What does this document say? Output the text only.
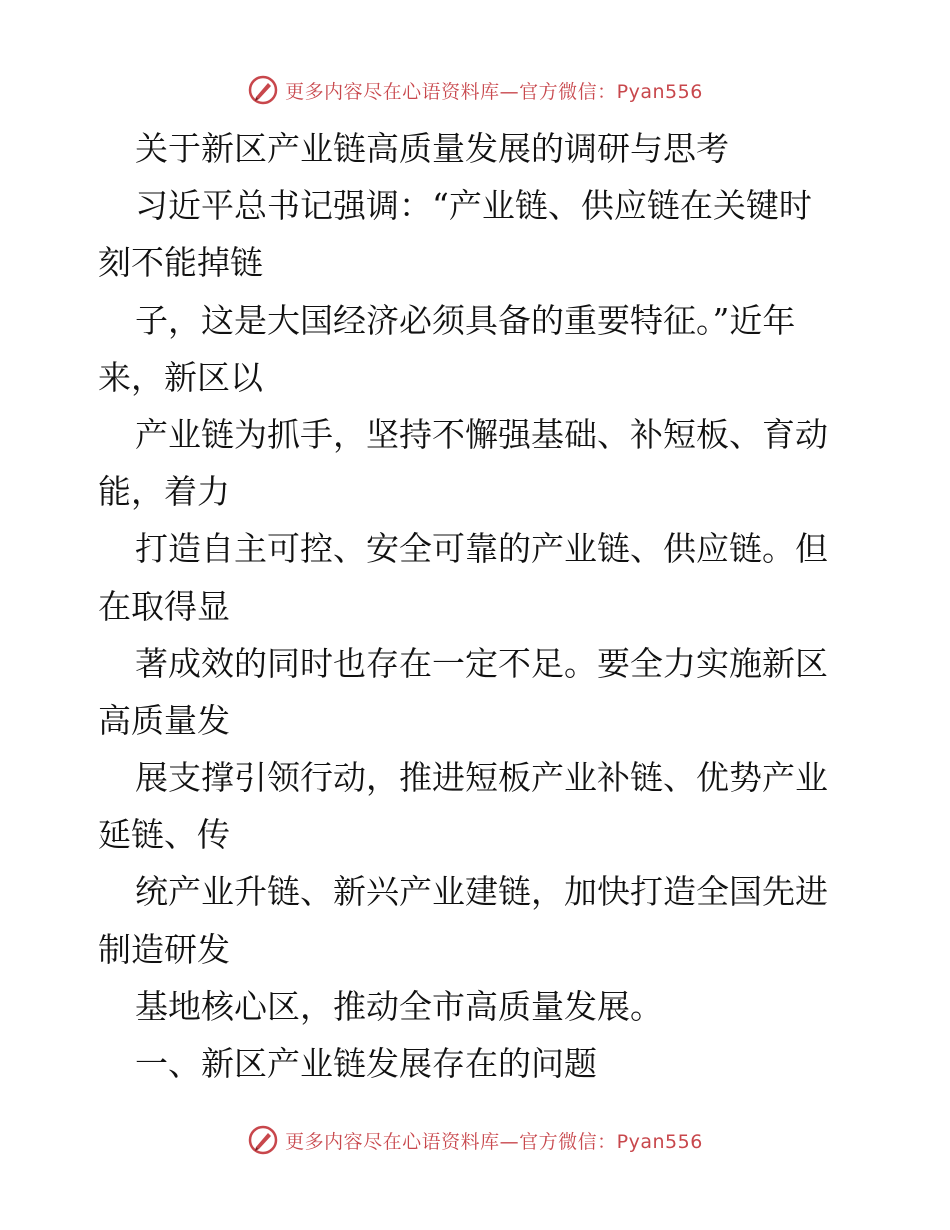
更多内容尽在心语资料库—官方微信：Pyan556
关于新区产业链高质量发展的调研与思考
习近平总书记强调：“产业链、供应链在关键时
刻不能掉链
子，这是大国经济必须具备的重要特征。”近年
来，新区以
产业链为抓手，坚持不懈强基础、补短板、育动
能，着力
打造自主可控、安全可靠的产业链、供应链。但
在取得显
著成效的同时也存在一定不足。要全力实施新区
高质量发
展支撑引领行动，推进短板产业补链、优势产业
延链、传
统产业升链、新兴产业建链，加快打造全国先进
制造研发
基地核心区，推动全市高质量发展。
一、新区产业链发展存在的问题
更多内容尽在心语资料库—官方微信：Pyan556
